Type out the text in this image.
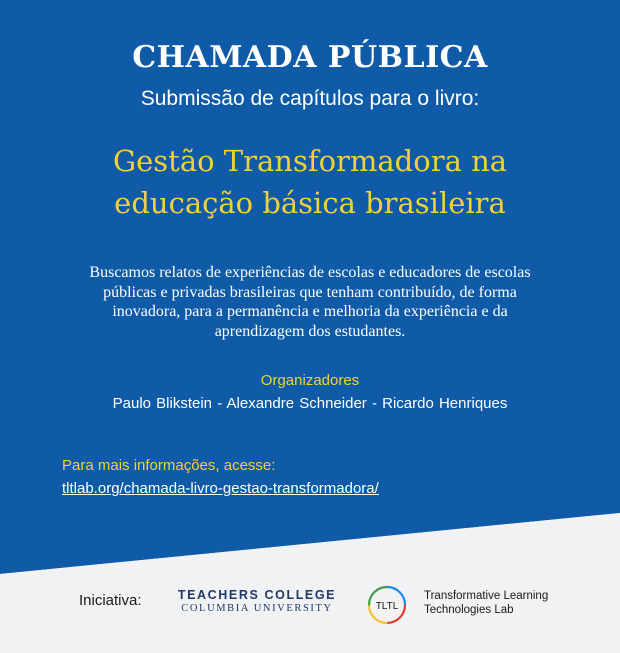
CHAMADA PÚBLICA
Submissão de capítulos para o livro:
Gestão Transformadora na
educação básica brasileira
Buscamos relatos de experiências de escolas e educadores de escolas públicas e privadas brasileiras que tenham contribuído, de forma inovadora, para a permanência e melhoria da experiência e da aprendizagem dos estudantes.
Organizadores
Paulo Blikstein - Alexandre Schneider - Ricardo Henriques
Para mais informações, acesse:
tltlab.org/chamada-livro-gestao-transformadora/
Iniciativa:	TEACHERS COLLEGE
COLUMBIA UNIVERSITY	TLTL
Transformative Learning
Technologies Lab
